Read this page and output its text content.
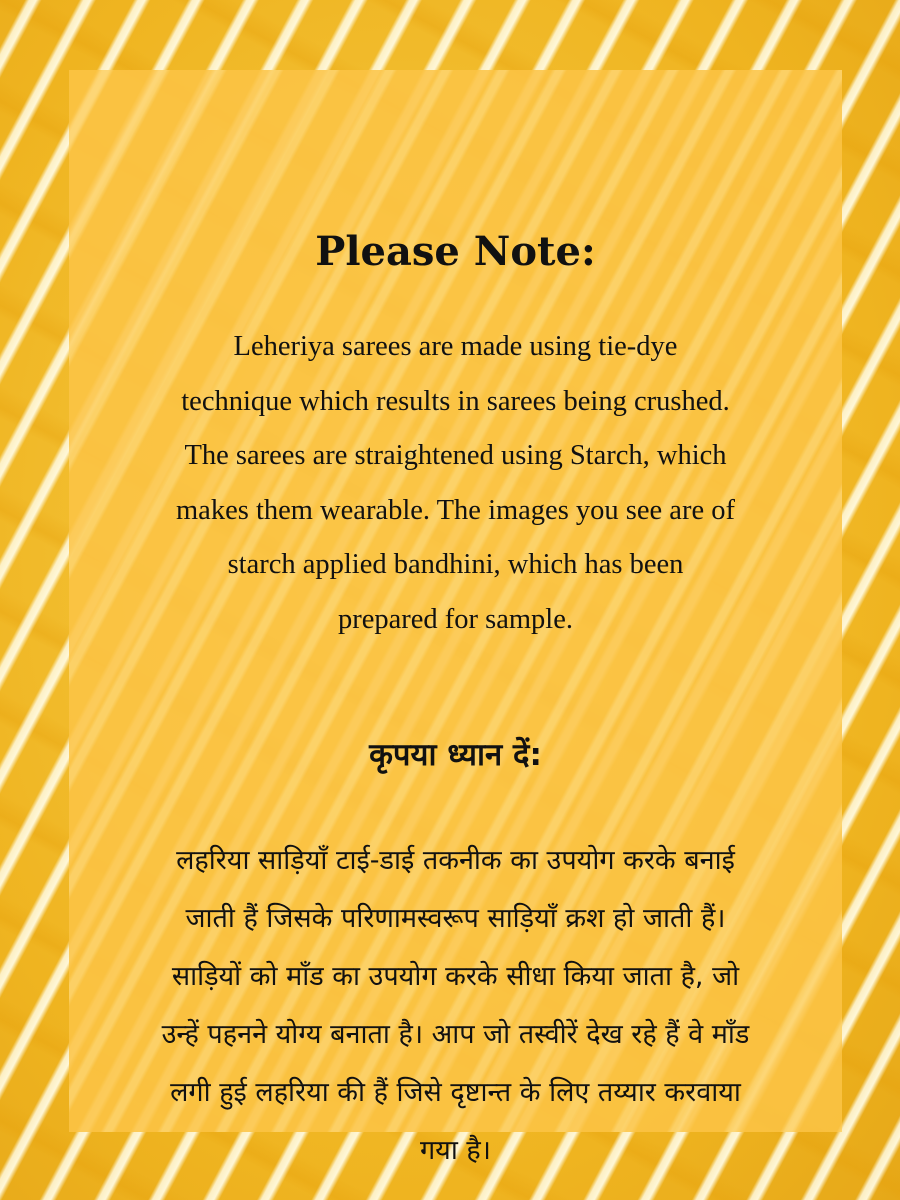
Please Note:
Leheriya sarees are made using tie-dye
technique which results in sarees being crushed.
The sarees are straightened using Starch, which
makes them wearable. The images you see are of
starch applied bandhini, which has been
prepared for sample.
कृपया ध्यान दें:
लहरिया साड़ियाँ टाई-डाई तकनीक का उपयोग करके बनाई
जाती हैं जिसके परिणामस्वरूप साड़ियाँ क्रश हो जाती हैं।
साड़ियों को माँड का उपयोग करके सीधा किया जाता है, जो
उन्हें पहनने योग्य बनाता है। आप जो तस्वीरें देख रहे हैं वे माँड
लगी हुई लहरिया की हैं जिसे दृष्टान्त के लिए तय्यार करवाया
गया है।
